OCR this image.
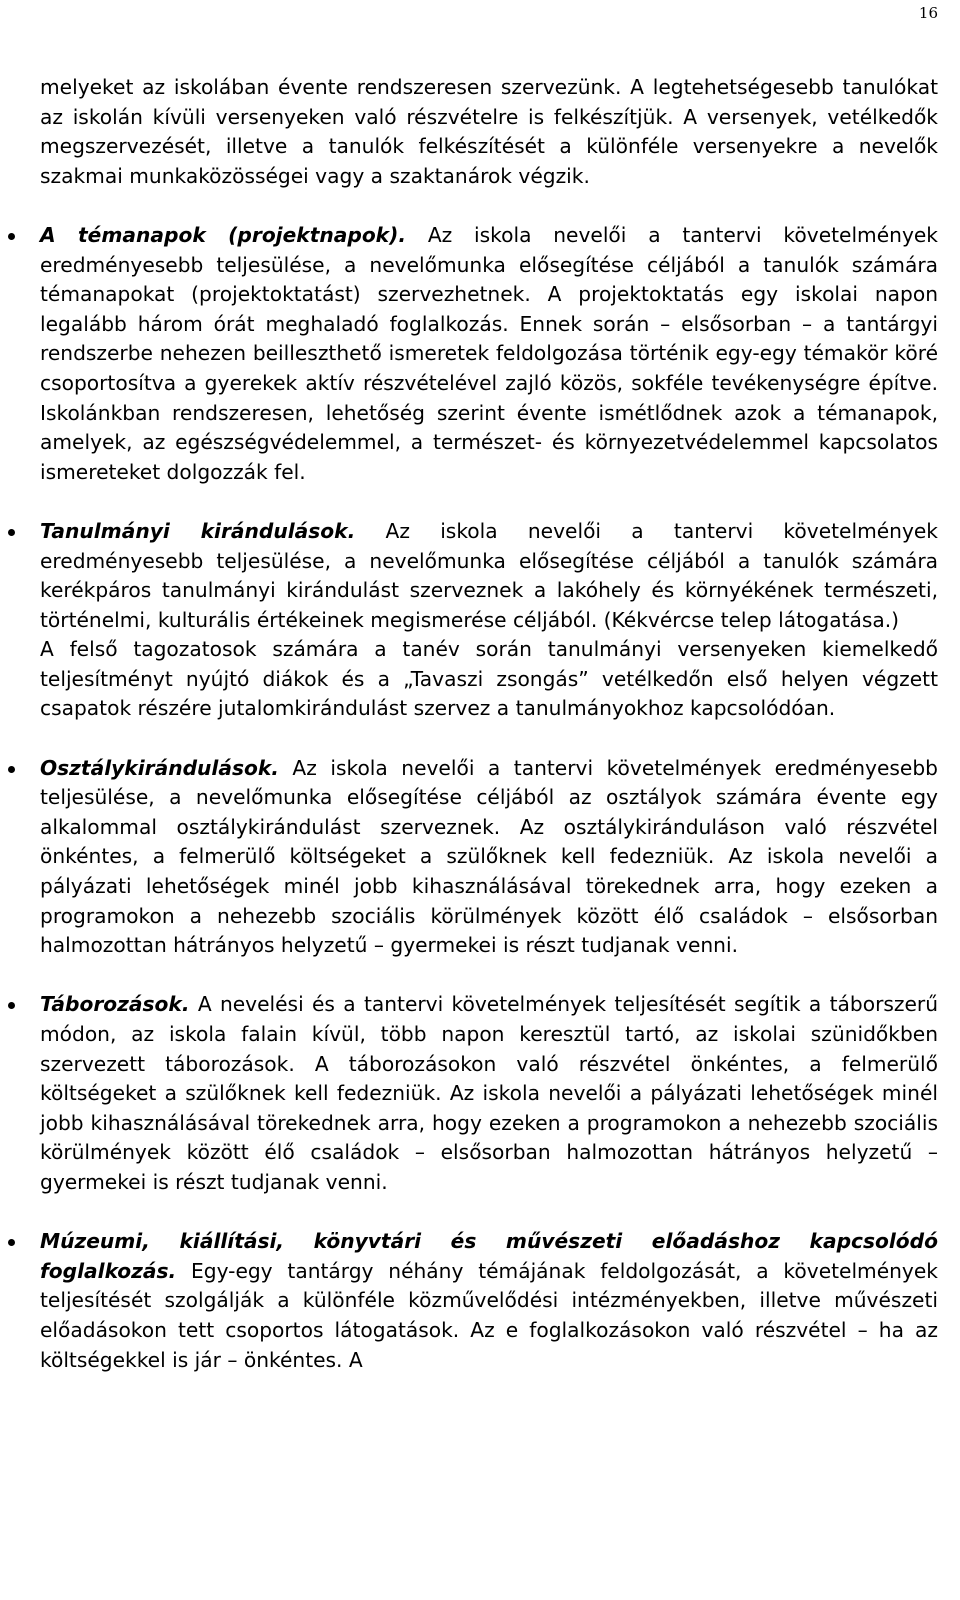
16

melyeket az iskolában évente rendszeresen szervezünk. A legtehetségesebb tanulókat az iskolán kívüli versenyeken való részvételre is felkészítjük. A versenyek, vetélkedők megszervezését, illetve a tanulók felkészítését a különféle versenyekre a nevelők szakmai munkaközösségei vagy a szaktanárok végzik.

A témanapok (projektnapok). Az iskola nevelői a tantervi követelmények eredményesebb teljesülése, a nevelőmunka elősegítése céljából a tanulók számára témanapokat (projektoktatást) szervezhetnek. A projektoktatás egy iskolai napon legalább három órát meghaladó foglalkozás. Ennek során – elsősorban – a tantárgyi rendszerbe nehezen beilleszthető ismeretek feldolgozása történik egy-egy témakör köré csoportosítva a gyerekek aktív részvételével zajló közös, sokféle tevékenységre építve. Iskolánkban rendszeresen, lehetőség szerint évente ismétlődnek azok a témanapok, amelyek, az egészségvédelemmel, a természet- és környezetvédelemmel kapcsolatos ismereteket dolgozzák fel.

Tanulmányi kirándulások. Az iskola nevelői a tantervi követelmények eredményesebb teljesülése, a nevelőmunka elősegítése céljából a tanulók számára kerékpáros tanulmányi kirándulást szerveznek a lakóhely és környékének természeti, történelmi, kulturális értékeinek megismerése céljából. (Kékvércse telep látogatása.)

A felső tagozatosok számára a tanév során tanulmányi versenyeken kiemelkedő teljesítményt nyújtó diákok és a „Tavaszi zsongás” vetélkedőn első helyen végzett csapatok részére jutalomkirándulást szervez a tanulmányokhoz kapcsolódóan.

Osztálykirándulások. Az iskola nevelői a tantervi követelmények eredményesebb teljesülése, a nevelőmunka elősegítése céljából az osztályok számára évente egy alkalommal osztálykirándulást szerveznek. Az osztálykiránduláson való részvétel önkéntes, a felmerülő költségeket a szülőknek kell fedezniük. Az iskola nevelői a pályázati lehetőségek minél jobb kihasználásával törekednek arra, hogy ezeken a programokon a nehezebb szociális körülmények között élő családok – elsősorban halmozottan hátrányos helyzetű – gyermekei is részt tudjanak venni.

Táborozások. A nevelési és a tantervi követelmények teljesítését segítik a táborszerű módon, az iskola falain kívül, több napon keresztül tartó, az iskolai szünidőkben szervezett táborozások. A táborozásokon való részvétel önkéntes, a felmerülő költségeket a szülőknek kell fedezniük. Az iskola nevelői a pályázati lehetőségek minél jobb kihasználásával törekednek arra, hogy ezeken a programokon a nehezebb szociális körülmények között élő családok – elsősorban halmozottan hátrányos helyzetű – gyermekei is részt tudjanak venni.

Múzeumi, kiállítási, könyvtári és művészeti előadáshoz kapcsolódó foglalkozás. Egy-egy tantárgy néhány témájának feldolgozását, a követelmények teljesítését szolgálják a különféle közművelődési intézményekben, illetve művészeti előadásokon tett csoportos látogatások. Az e foglalkozásokon való részvétel – ha az költségekkel is jár – önkéntes. A
